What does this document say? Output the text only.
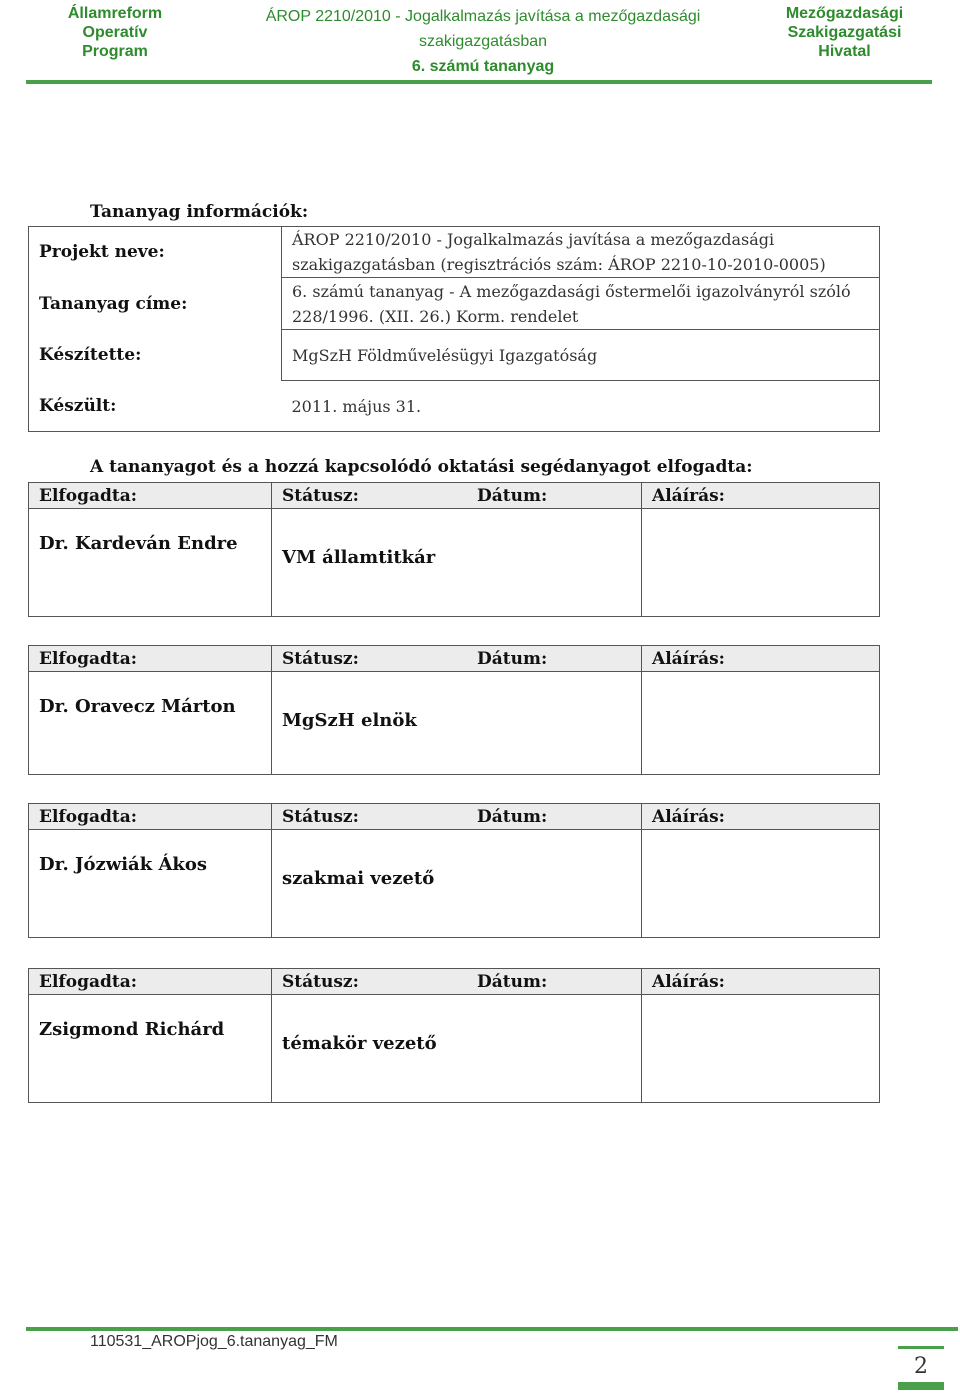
Államreform
Operatív
Program
ÁROP 2210/2010 - Jogalkalmazás javítása a mezőgazdasági
szakigazgatásban
6. számú tananyag
Mezőgazdasági
Szakigazgatási
Hivatal
Tananyag információk:
Projekt neve:	ÁROP 2210/2010 - Jogalkalmazás javítása a mezőgazdasági szakigazgatásban (regisztrációs szám: ÁROP 2210-10-2010-0005)
Tananyag címe:	6. számú tananyag - A mezőgazdasági őstermelői igazolványról szóló 228/1996. (XII. 26.) Korm. rendelet
Készítette:	MgSzH Földművelésügyi Igazgatóság
Készült:	2011. május 31.
A tananyagot és a hozzá kapcsolódó oktatási segédanyagot elfogadta:
Elfogadta:	Státusz:	Dátum:	Aláírás:

Dr. Kardeván Endre	VM államtitkár		

Elfogadta:	Státusz:	Dátum:	Aláírás:

Dr. Oravecz Márton	MgSzH elnök		

Elfogadta:	Státusz:	Dátum:	Aláírás:

Dr. Józwiák Ákos	szakmai vezető		

Elfogadta:	Státusz:	Dátum:	Aláírás:

Zsigmond Richárd	témakör vezető		

110531_AROPjog_6.tananyag_FM
2
